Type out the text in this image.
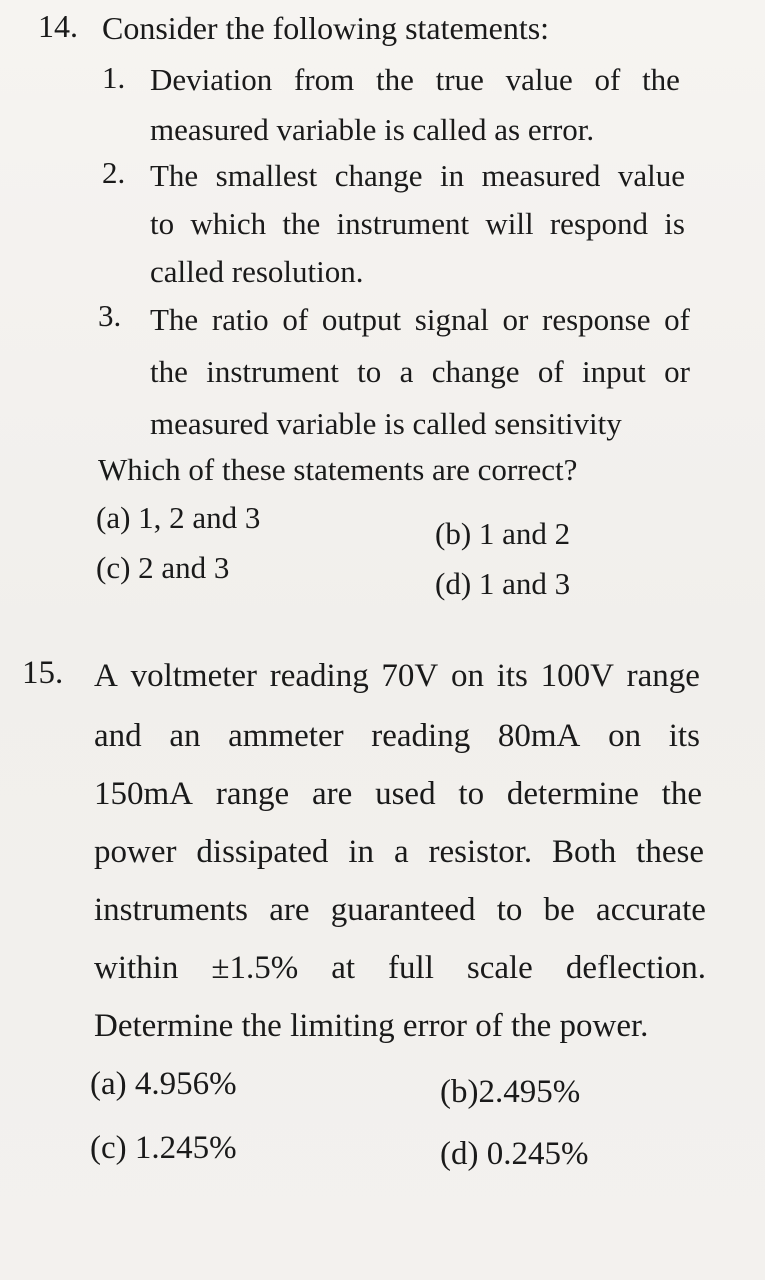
14. Consider the following statements:
1. Deviation from the true value of the
measured variable is called as error.
2. The smallest change in measured value
to which the instrument will respond is
called resolution.
3. The ratio of output signal or response of
the instrument to a change of input or
measured variable is called sensitivity
Which of these statements are correct?
(a) 1, 2 and 3	(b) 1 and 2
(c) 2 and 3	(d) 1 and 3
15. A voltmeter reading 70V on its 100V range
and an ammeter reading 80mA on its
150mA range are used to determine the
power dissipated in a resistor. Both these
instruments are guaranteed to be accurate
within ±1.5% at full scale deflection.
Determine the limiting error of the power.
(a) 4.956%	(b)2.495%
(c) 1.245%	(d) 0.245%
